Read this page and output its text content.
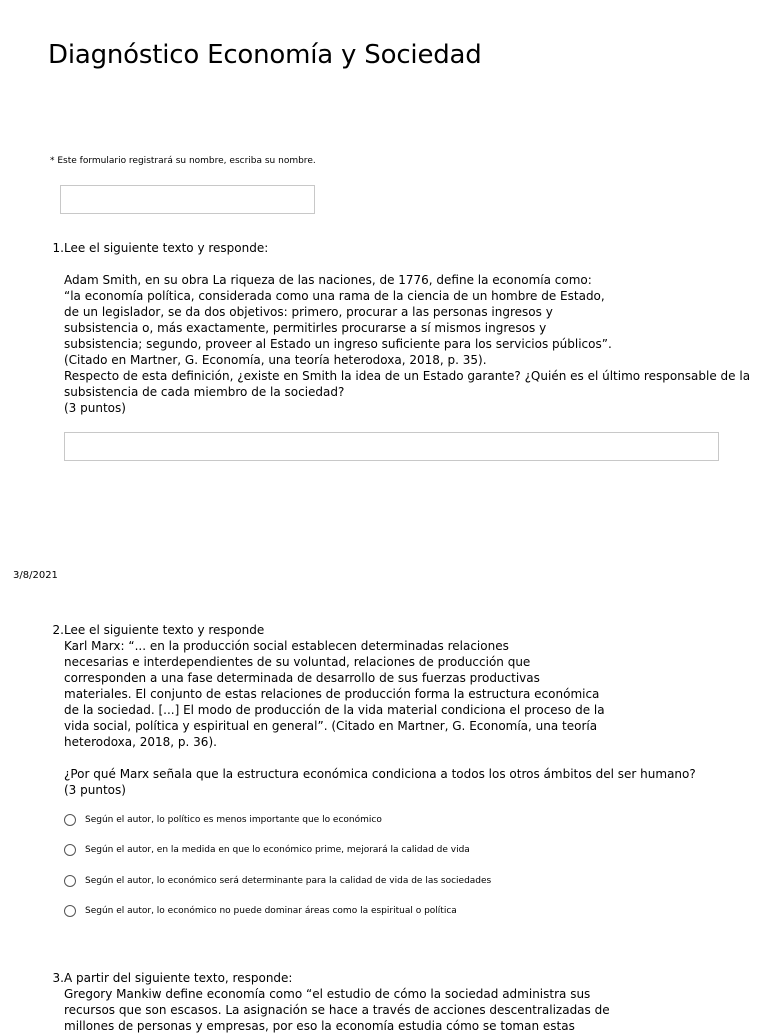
Diagnóstico Economía y Sociedad
* Este formulario registrará su nombre, escriba su nombre.
1. Lee el siguiente texto y responde:

Adam Smith, en su obra La riqueza de las naciones, de 1776, define la economía como:

“la economía política, considerada como una rama de la ciencia de un hombre de Estado,

de un legislador, se da dos objetivos: primero, procurar a las personas ingresos y

subsistencia o, más exactamente, permitirles procurarse a sí mismos ingresos y

subsistencia; segundo, proveer al Estado un ingreso suficiente para los servicios públicos”.

(Citado en Martner, G. Economía, una teoría heterodoxa, 2018, p. 35).

Respecto de esta definición, ¿existe en Smith la idea de un Estado garante? ¿Quién es el último responsable de la

subsistencia de cada miembro de la sociedad?

(3 puntos)

3/8/2021
2. Lee el siguiente texto y responde

Karl Marx: “... en la producción social establecen determinadas relaciones

necesarias e interdependientes de su voluntad, relaciones de producción que

corresponden a una fase determinada de desarrollo de sus fuerzas productivas

materiales. El conjunto de estas relaciones de producción forma la estructura económica

de la sociedad. [...] El modo de producción de la vida material condiciona el proceso de la

vida social, política y espiritual en general”. (Citado en Martner, G. Economía, una teoría

heterodoxa, 2018, p. 36).

¿Por qué Marx señala que la estructura económica condiciona a todos los otros ámbitos del ser humano?

(3 puntos)

Según el autor, lo político es menos importante que lo económico
Según el autor, en la medida en que lo económico prime, mejorará la calidad de vida
Según el autor, lo económico será determinante para la calidad de vida de las sociedades
Según el autor, lo económico no puede dominar áreas como la espiritual o política
3. A partir del siguiente texto, responde:

Gregory Mankiw define economía como “el estudio de cómo la sociedad administra sus

recursos que son escasos. La asignación se hace a través de acciones descentralizadas de

millones de personas y empresas, por eso la economía estudia cómo se toman estas
